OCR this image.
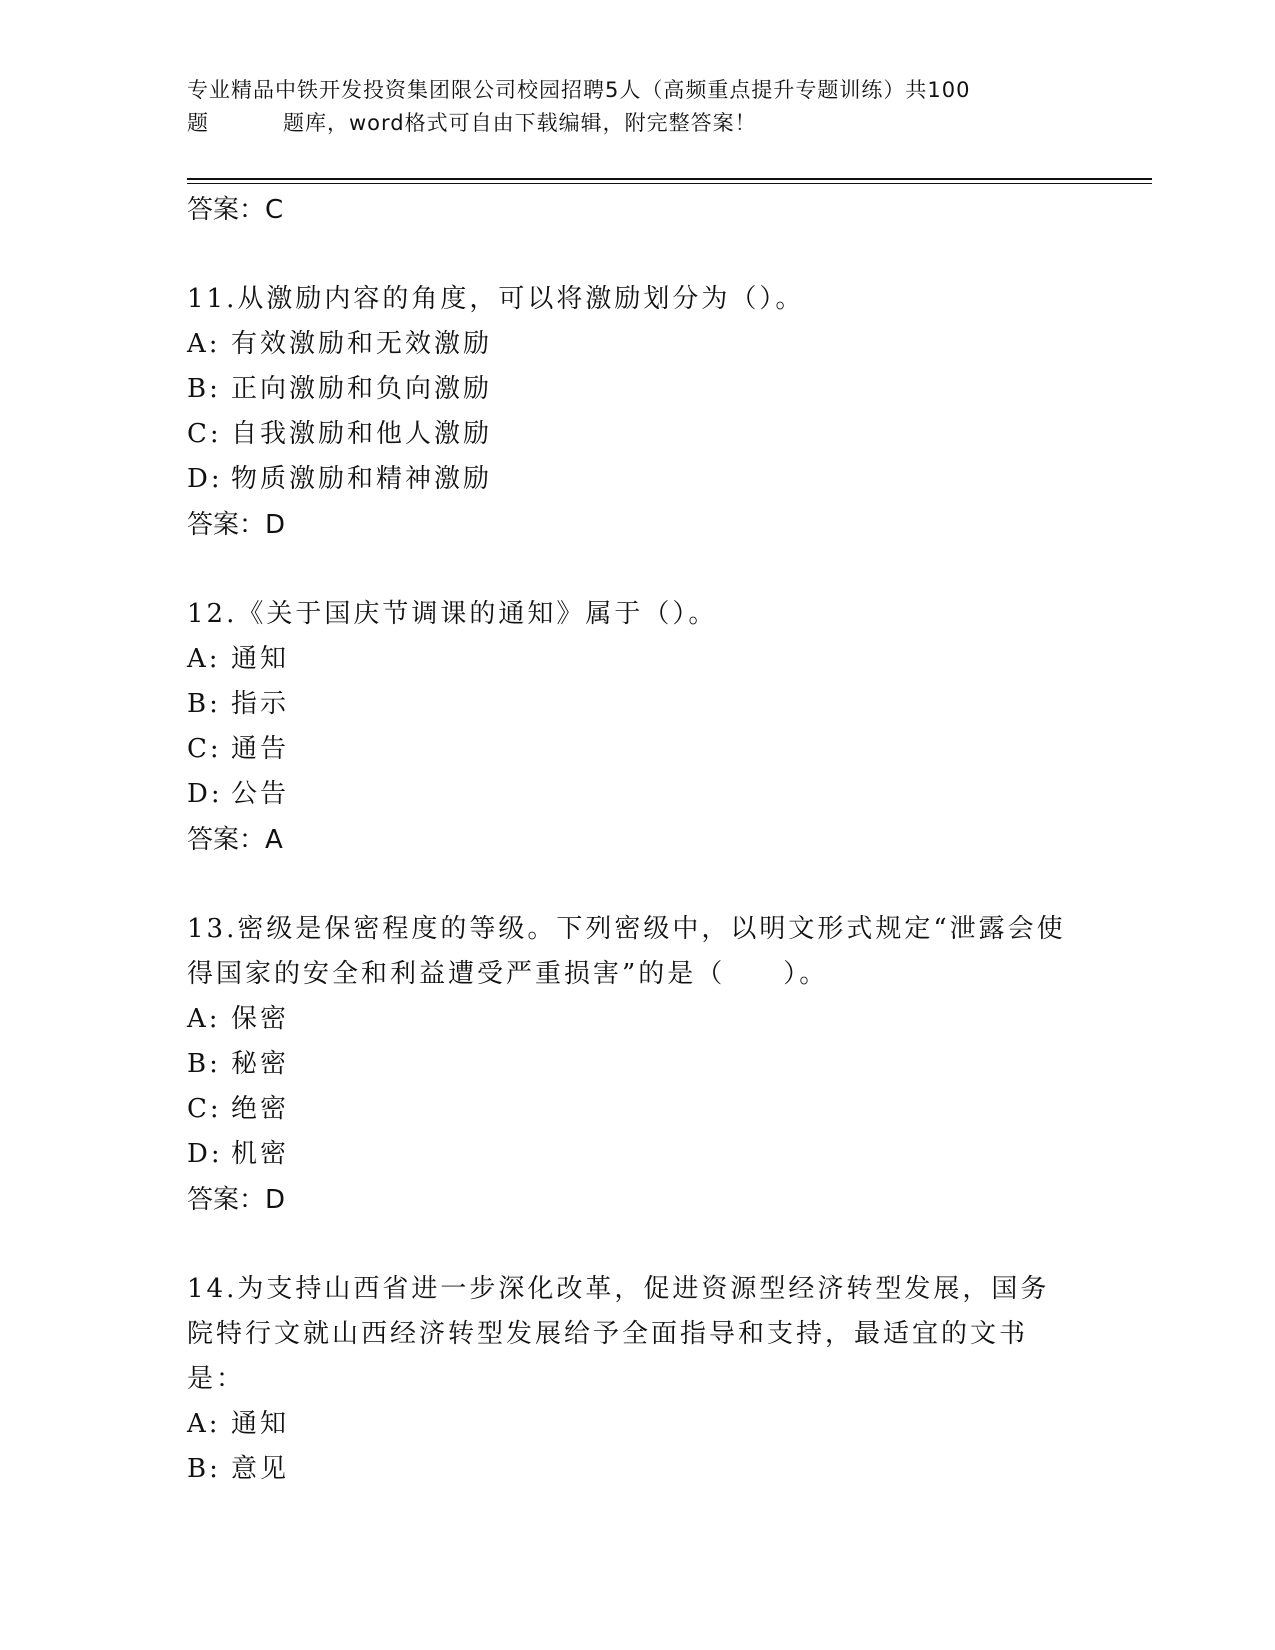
专业精品中铁开发投资集团限公司校园招聘5人（高频重点提升专题训练）共100
题	题库，word格式可自由下载编辑，附完整答案！
答案：C
11.从激励内容的角度，可以将激励划分为（）。
A: 有效激励和无效激励
B: 正向激励和负向激励
C: 自我激励和他人激励
D: 物质激励和精神激励
答案：D
12.《关于国庆节调课的通知》属于（）。
A: 通知
B: 指示
C: 通告
D: 公告
答案：A
13.密级是保密程度的等级。下列密级中，以明文形式规定“泄露会使得国家的安全和利益遭受严重损害”的是（　　）。
A: 保密
B: 秘密
C: 绝密
D: 机密
答案：D
14.为支持山西省进一步深化改革，促进资源型经济转型发展，国务院特行文就山西经济转型发展给予全面指导和支持，最适宜的文书是：
A: 通知
B: 意见
